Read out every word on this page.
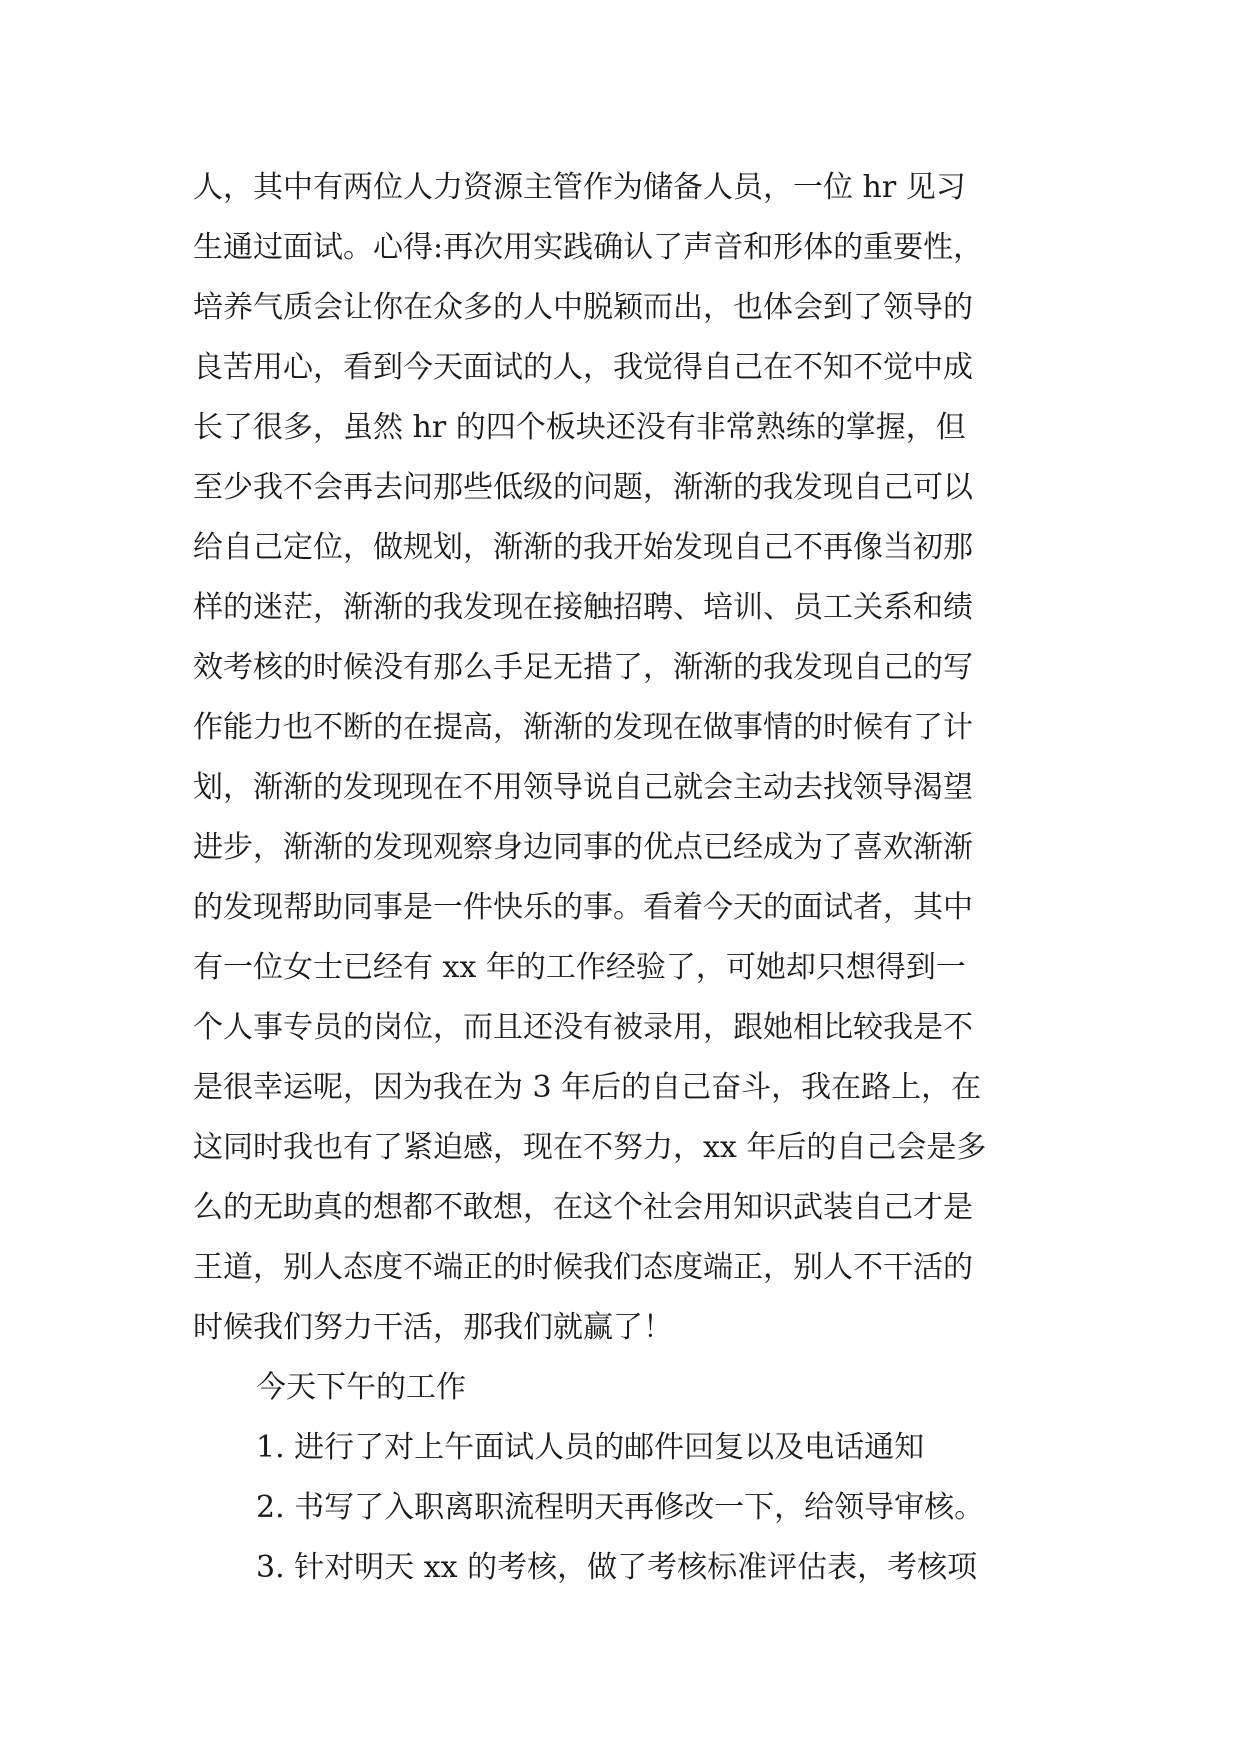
人，其中有两位人力资源主管作为储备人员，一位 hr 见习
生通过面试。心得:再次用实践确认了声音和形体的重要性，
培养气质会让你在众多的人中脱颖而出，也体会到了领导的
良苦用心，看到今天面试的人，我觉得自己在不知不觉中成
长了很多，虽然 hr 的四个板块还没有非常熟练的掌握，但
至少我不会再去问那些低级的问题，渐渐的我发现自己可以
给自己定位，做规划，渐渐的我开始发现自己不再像当初那
样的迷茫，渐渐的我发现在接触招聘、培训、员工关系和绩
效考核的时候没有那么手足无措了，渐渐的我发现自己的写
作能力也不断的在提高，渐渐的发现在做事情的时候有了计
划，渐渐的发现现在不用领导说自己就会主动去找领导渴望
进步，渐渐的发现观察身边同事的优点已经成为了喜欢渐渐
的发现帮助同事是一件快乐的事。看着今天的面试者，其中
有一位女士已经有 xx 年的工作经验了，可她却只想得到一
个人事专员的岗位，而且还没有被录用，跟她相比较我是不
是很幸运呢，因为我在为 3 年后的自己奋斗，我在路上，在
这同时我也有了紧迫感，现在不努力，xx 年后的自己会是多
么的无助真的想都不敢想，在这个社会用知识武装自己才是
王道，别人态度不端正的时候我们态度端正，别人不干活的
时候我们努力干活，那我们就赢了！
今天下午的工作
1. 进行了对上午面试人员的邮件回复以及电话通知
2. 书写了入职离职流程明天再修改一下，给领导审核。
3. 针对明天 xx 的考核，做了考核标准评估表，考核项
